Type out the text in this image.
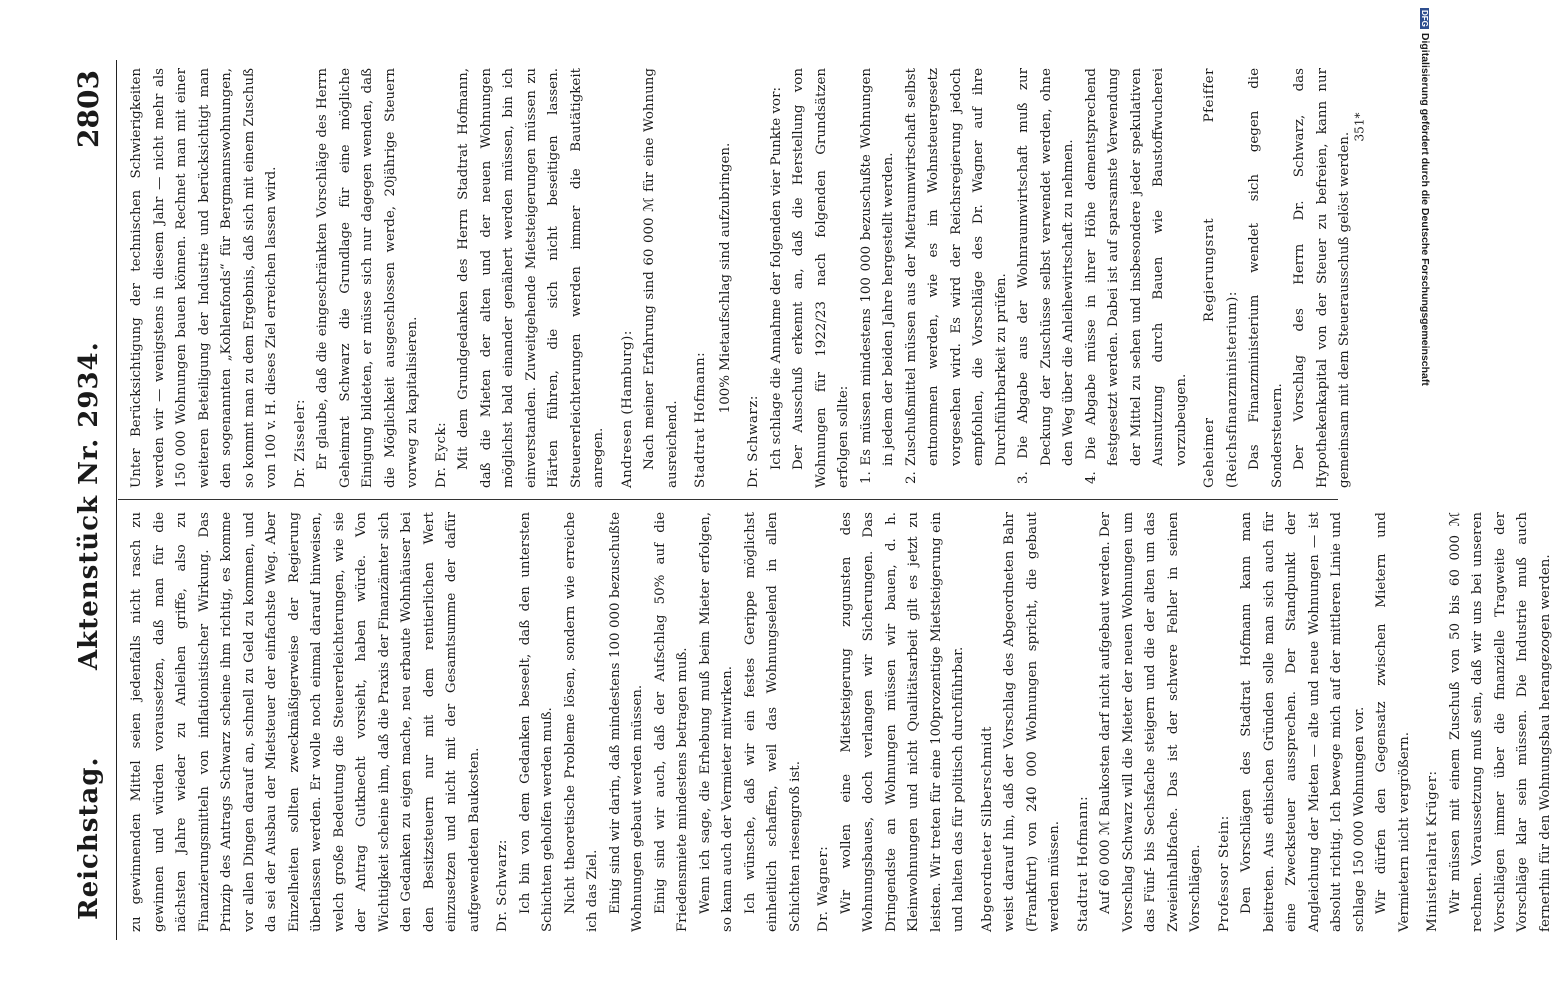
Reichstag.
Aktenstück Nr. 2934.
2803

zu gewinnenden Mittel seien jedenfalls nicht rasch zu gewinnen und würden voraussetzen, daß man für die nächsten Jahre wieder zu Anleihen griffe, also zu Finanzierungsmitteln von inflationistischer Wirkung. Das Prinzip des Antrags Schwarz scheine ihm richtig, es komme vor allen Dingen darauf an, schnell zu Geld zu kommen, und da sei der Ausbau der Mietsteuer der einfachste Weg. Aber Einzelheiten sollten zweckmäßigerweise der Regierung überlassen werden. Er wolle noch einmal darauf hinweisen, welch große Bedeutung die Steuererleichterungen, wie sie der Antrag Gutknecht vorsieht, haben würde. Von Wichtigkeit scheine ihm, daß die Praxis der Finanzämter sich den Gedanken zu eigen mache, neu erbaute Wohnhäuser bei den Besitzsteuern nur mit dem rentierlichen Wert einzusetzen und nicht mit der Gesamtsumme der dafür aufgewendeten Baukosten.	Dr. Schwarz: Ich bin von dem Gedanken beseelt, daß den untersten Schichten geholfen werden muß. Nicht theoretische Probleme lösen, sondern wie erreiche ich das Ziel. Einig sind wir darin, daß mindestens 100 000 bezuschußte Wohnungen gebaut werden müssen. Einig sind wir auch, daß der Aufschlag 50% auf die Friedensmiete mindestens betragen muß. Wenn ich sage, die Erhebung muß beim Mieter erfolgen, so kann auch der Vermieter mitwirken. Ich wünsche, daß wir ein festes Gerippe möglichst einheitlich schaffen, weil das Wohnungselend in allen Schichten riesengroß ist.	Dr. Wagner: Wir wollen eine Mietsteigerung zugunsten des Wohnungsbaues, doch verlangen wir Sicherungen. Das Dringendste an Wohnungen müssen wir bauen, d. h. Kleinwohnungen und nicht Qualitätsarbeit gilt es jetzt zu leisten. Wir treten für eine 100prozentige Mietsteigerung ein und halten das für politisch durchführbar.	Abgeordneter Silberschmidt weist darauf hin, daß der Vorschlag des Abgeordneten Bahr (Frankfurt) von 240 000 Wohnungen spricht, die gebaut werden müssen.	Stadtrat Hofmann: Auf 60 000 ℳ Baukosten darf nicht aufgebaut werden. Der Vorschlag Schwarz will die Mieter der neuen Wohnungen um das Fünf- bis Sechsfache steigern und die der alten um das Zweieinhalbfache. Das ist der schwere Fehler in seinen Vorschlägen.	Professor Stein: Den Vorschlägen des Stadtrat Hofmann kann man beitreten. Aus ethischen Gründen solle man sich auch für eine Zwecksteuer aussprechen. Der Standpunkt der Angleichung der Mieten — alte und neue Wohnungen — ist absolut richtig. Ich bewege mich auf der mittleren Linie und schlage 150 000 Wohnungen vor. Wir dürfen den Gegensatz zwischen Mietern und Vermietern nicht vergrößern.	Ministerialrat Krüger: Wir müssen mit einem Zuschuß von 50 bis 60 000 ℳ rechnen. Voraussetzung muß sein, daß wir uns bei unseren Vorschlägen immer über die finanzielle Tragweite der Vorschläge klar sein müssen. Die Industrie muß auch fernerhin für den Wohnungsbau herangezogen werden.

Unter Berücksichtigung der technischen Schwierigkeiten werden wir — wenigstens in diesem Jahr — nicht mehr als 150 000 Wohnungen bauen können. Rechnet man mit einer weiteren Beteiligung der Industrie und berücksichtigt man den sogenannten „Kohlenfonds“ für Bergmannswohnungen, so kommt man zu dem Ergebnis, daß sich mit einem Zuschuß von 100 v. H. dieses Ziel erreichen lassen wird.	Dr. Zisseler: Er glaube, daß die eingeschränkten Vorschläge des Herrn Geheimrat Schwarz die Grundlage für eine mögliche Einigung bildeten, er müsse sich nur dagegen wenden, daß die Möglichkeit ausgeschlossen werde, 20jährige Steuern vorweg zu kapitalisieren.	Dr. Eyck: Mit dem Grundgedanken des Herrn Stadtrat Hofmann, daß die Mieten der alten und der neuen Wohnungen möglichst bald einander genähert werden müssen, bin ich einverstanden. Zuweitgehende Mietsteigerungen müssen zu Härten führen, die sich nicht beseitigen lassen. Steuererleichterungen werden immer die Bautätigkeit anregen.	Andresen (Hamburg): Nach meiner Erfahrung sind 60 000 ℳ für eine Wohnung ausreichend.	Stadtrat Hofmann:

100% Mietaufschlag sind aufzubringen.

Dr. Schwarz: Ich schlage die Annahme der folgenden vier Punkte vor: Der Ausschuß erkennt an, daß die Herstellung von Wohnungen für 1922/23 nach folgenden Grundsätzen erfolgen sollte: 1. Es müssen mindestens 100 000 bezuschußte Wohnungen in jedem der beiden Jahre hergestellt werden. 2. Zuschußmittel müssen aus der Mietraumwirtschaft selbst entnommen werden, wie es im Wohnsteuergesetz vorgesehen wird. Es wird der Reichsregierung jedoch empfohlen, die Vorschläge des Dr. Wagner auf ihre Durchführbarkeit zu prüfen. 3. Die Abgabe aus der Wohnraumwirtschaft muß zur Deckung der Zuschüsse selbst verwendet werden, ohne den Weg über die Anleihewirtschaft zu nehmen. 4. Die Abgabe müsse in ihrer Höhe dementsprechend festgesetzt werden. Dabei ist auf sparsamste Verwendung der Mittel zu sehen und insbesondere jeder spekulativen Ausnutzung durch Bauen wie Baustoffwucherei vorzubeugen.	Geheimer Regierungsrat Pfeiffer (Reichsfinanzministerium): Das Finanzministerium wendet sich gegen die Sondersteuern. Der Vorschlag des Herrn Dr. Schwarz, das Hypothekenkapital von der Steuer zu befreien, kann nur gemeinsam mit dem Steuerausschuß gelöst werden.

351*
DFGDigitalisierung gefördert durch die Deutsche Forschungsgemeinschaft
